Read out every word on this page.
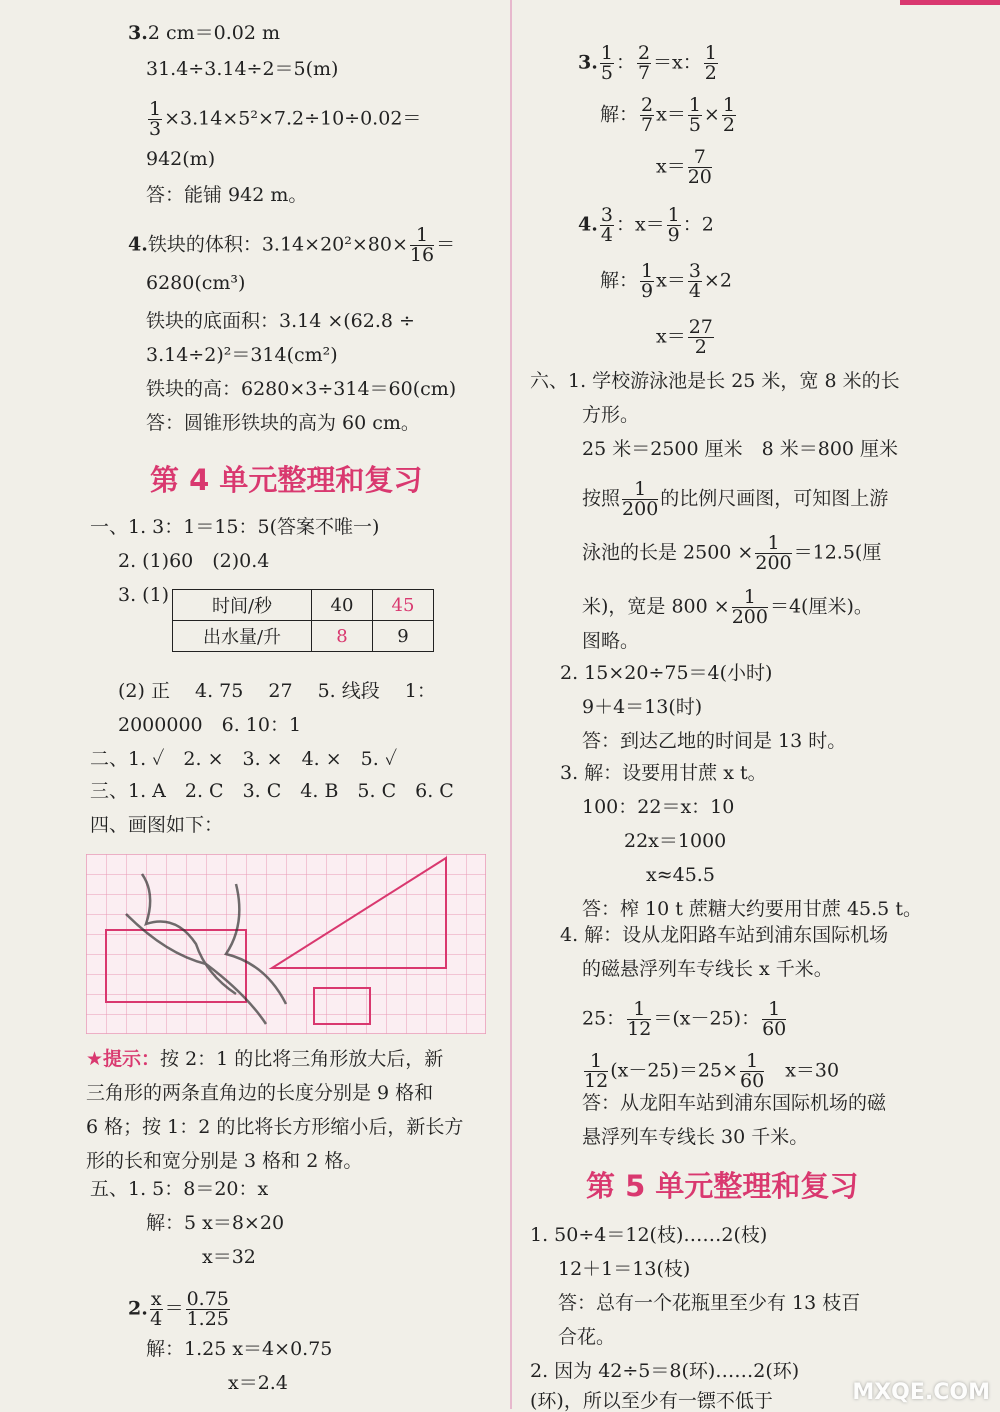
3.2 cm＝0.02 m
31.4÷3.14÷2＝5(m)
$\frac{1}{3} \times 3.14\times 5^2\times 7.2\div 10\div 0.02=$
942(m)
答：能铺 942 m。
4.铁块的体积：$3.14\times 20^2\times 80\times \frac{1}{16}$ ＝
6280(cm³)
铁块的底面积：3.14 ×(62.8 ÷
3.14÷2)²＝314(cm²)
铁块的高：6280×3÷314＝60(cm)
答：圆锥形铁块的高为 60 cm。
第 4 单元整理和复习
一、1. 3：1＝15：5(答案不唯一)
2. (1)60　(2)0.4
3. (1)
时间/秒	40	45
出水量/升	8	9
(2) 正　 4. 75　 27　 5. 线段　 1：
2000000　6. 10：1
二、1. ✓　2. ×　3. ×　4. ×　5. ✓
三、1. A　2. C　3. C　4. B　5. C　6. C
四、画图如下：
★提示：按 2：1 的比将三角形放大后，新
三角形的两条直角边的长度分别是 9 格和
6 格；按 1：2 的比将长方形缩小后，新长方
形的长和宽分别是 3 格和 2 格。
五、1. 5：8＝20：x
解：5 x＝8×20
x＝32
2. $\frac{x}{4} = \frac{0.75}{1.25}$
解：1.25 x＝4×0.75
x＝2.4
3. $\frac{1}{5}$ ： $\frac{2}{7} =x$： $\frac{1}{2}$
解： $\frac{2}{7} x= \frac{1}{5} \times \frac{1}{2}$
$x= \frac{7}{20}$
4. $\frac{3}{4}$ ：$x= \frac{1}{9}$ ：2
解： $\frac{1}{9} x= \frac{3}{4} \times 2$
$x= \frac{27}{2}$
六、1. 学校游泳池是长 25 米，宽 8 米的长
方形。
25 米＝2500 厘米　8 米＝800 厘米
按照 $\frac{1}{200}$ 的比例尺画图，可知图上游
泳池的长是 $2500 \times \frac{1}{200} =12.5$(厘
米)，宽是 $800 \times \frac{1}{200} =4$(厘米)。
图略。
2. 15×20÷75＝4(小时)
9＋4＝13(时)
答：到达乙地的时间是 13 时。
3. 解：设要用甘蔗 x t。
100：22＝x：10
22x＝1000
x≈45.5
答：榨 10 t 蔗糖大约要用甘蔗 45.5 t。
4. 解：设从龙阳路车站到浦东国际机场
的磁悬浮列车专线长 x 千米。
25： $\frac{1}{12} =(x-25)$： $\frac{1}{60}$
$\frac{1}{12} (x-25)=25\times \frac{1}{60}$
　 x＝30
答：从龙阳车站到浦东国际机场的磁
悬浮列车专线长 30 千米。
第 5 单元整理和复习
1. 50÷4＝12(枝)……2(枝)
12＋1＝13(枝)
答：总有一个花瓶里至少有 13 枝百
合花。
2. 因为 42÷5＝8(环)……2(环)
(环)，所以至少有一镖不低于	MXQE.COM
